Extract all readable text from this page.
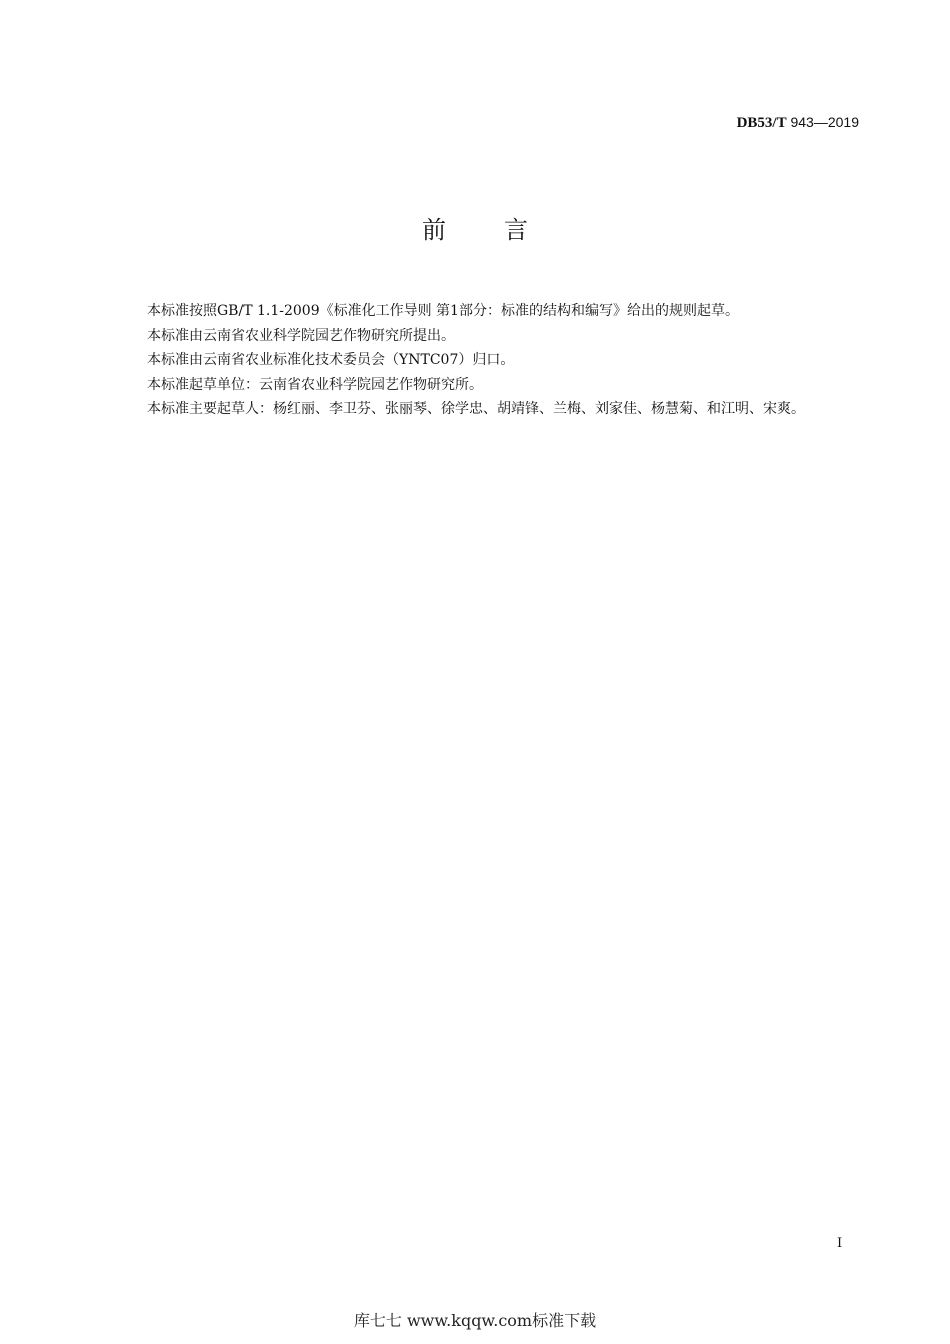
DB53/T 943—2019
前 言

本标准按照GB/T 1.1-2009《标准化工作导则 第1部分：标准的结构和编写》给出的规则起草。

本标准由云南省农业科学院园艺作物研究所提出。

本标准由云南省农业标准化技术委员会（YNTC07）归口。

本标准起草单位：云南省农业科学院园艺作物研究所。

本标准主要起草人：杨红丽、李卫芬、张丽琴、徐学忠、胡靖锋、兰梅、刘家佳、杨慧菊、和江明、宋爽。

I
库七七 www.kqqw.com标准下载
